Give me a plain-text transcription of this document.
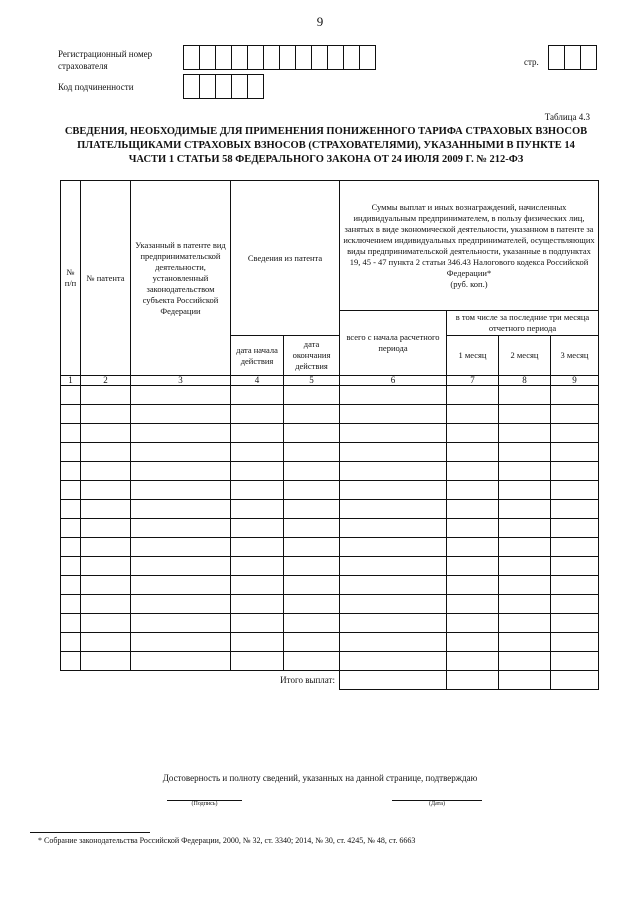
9
Регистрационный номер
страхователя	стр.
Код подчиненности
Таблица 4.3
СВЕДЕНИЯ, НЕОБХОДИМЫЕ ДЛЯ ПРИМЕНЕНИЯ ПОНИЖЕННОГО ТАРИФА СТРАХОВЫХ ВЗНОСОВ
ПЛАТЕЛЬЩИКАМИ СТРАХОВЫХ ВЗНОСОВ (СТРАХОВАТЕЛЯМИ), УКАЗАННЫМИ В ПУНКТЕ 14
ЧАСТИ 1 СТАТЬИ 58 ФЕДЕРАЛЬНОГО ЗАКОНА ОТ 24 ИЮЛЯ 2009 Г. № 212-ФЗ
№ п/п	№ патента	Указанный в патенте вид предпринимательской деятельности, установленный законодательством субъекта Российской Федерации	Сведения из патента		Суммы выплат и иных вознаграждений, начисленных индивидуальным предпринимателем, в пользу физических лиц, занятых в виде экономической деятельности, указанном в патенте за исключением индивидуальных предпринимателей, осуществляющих виды предпринимательской деятельности, указанные в подпунктах 19, 45 - 47 пункта 2 статьи 346.43 Налогового кодекса Российской Федерации*
(руб. коп.)			

					всего с начала расчетного периода	в том числе за последние три месяца отчетного периода		
			дата начала действия	дата окончания действия		1 месяц	2 месяц	3 месяц
1	2	3	4	5	6	7	8	9

Итого выплат:								
Достоверность и полноту сведений, указанных на данной странице, подтверждаю
(Подпись)	(Дата)
* Собрание законодательства Российской Федерации, 2000, № 32, ст. 3340; 2014, № 30, ст. 4245, № 48, ст. 6663
